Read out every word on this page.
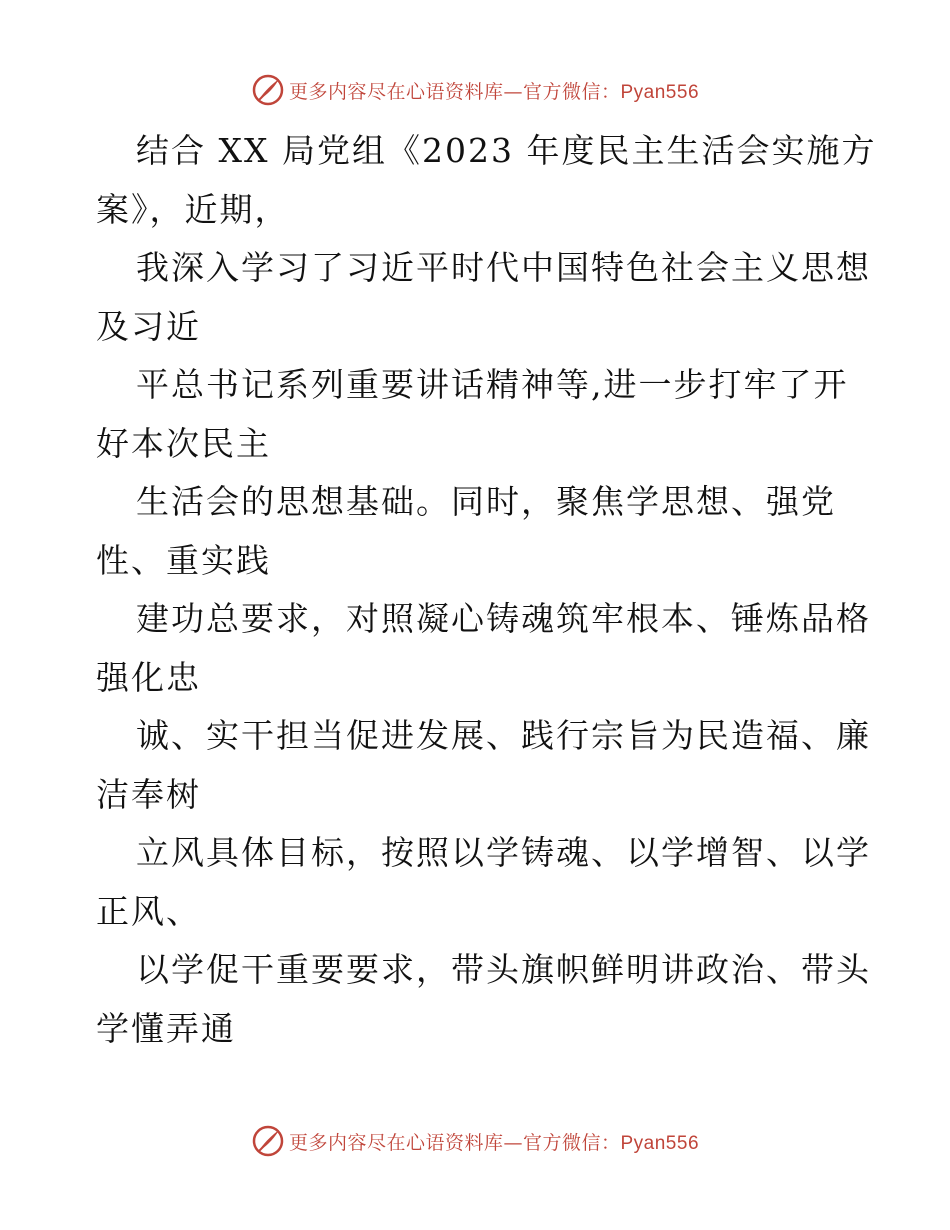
更多内容尽在心语资料库—官方微信：Pyan556
结合 XX 局党组《2023 年度民主生活会实施方
案》，近期，
我深入学习了习近平时代中国特色社会主义思想
及习近
平总书记系列重要讲话精神等,进一步打牢了开
好本次民主
生活会的思想基础。同时，聚焦学思想、强党
性、重实践
建功总要求，对照凝心铸魂筑牢根本、锤炼品格
强化忠
诚、实干担当促进发展、践行宗旨为民造福、廉
洁奉树
立风具体目标，按照以学铸魂、以学增智、以学
正风、
以学促干重要要求，带头旗帜鲜明讲政治、带头
学懂弄通
更多内容尽在心语资料库—官方微信：Pyan556
